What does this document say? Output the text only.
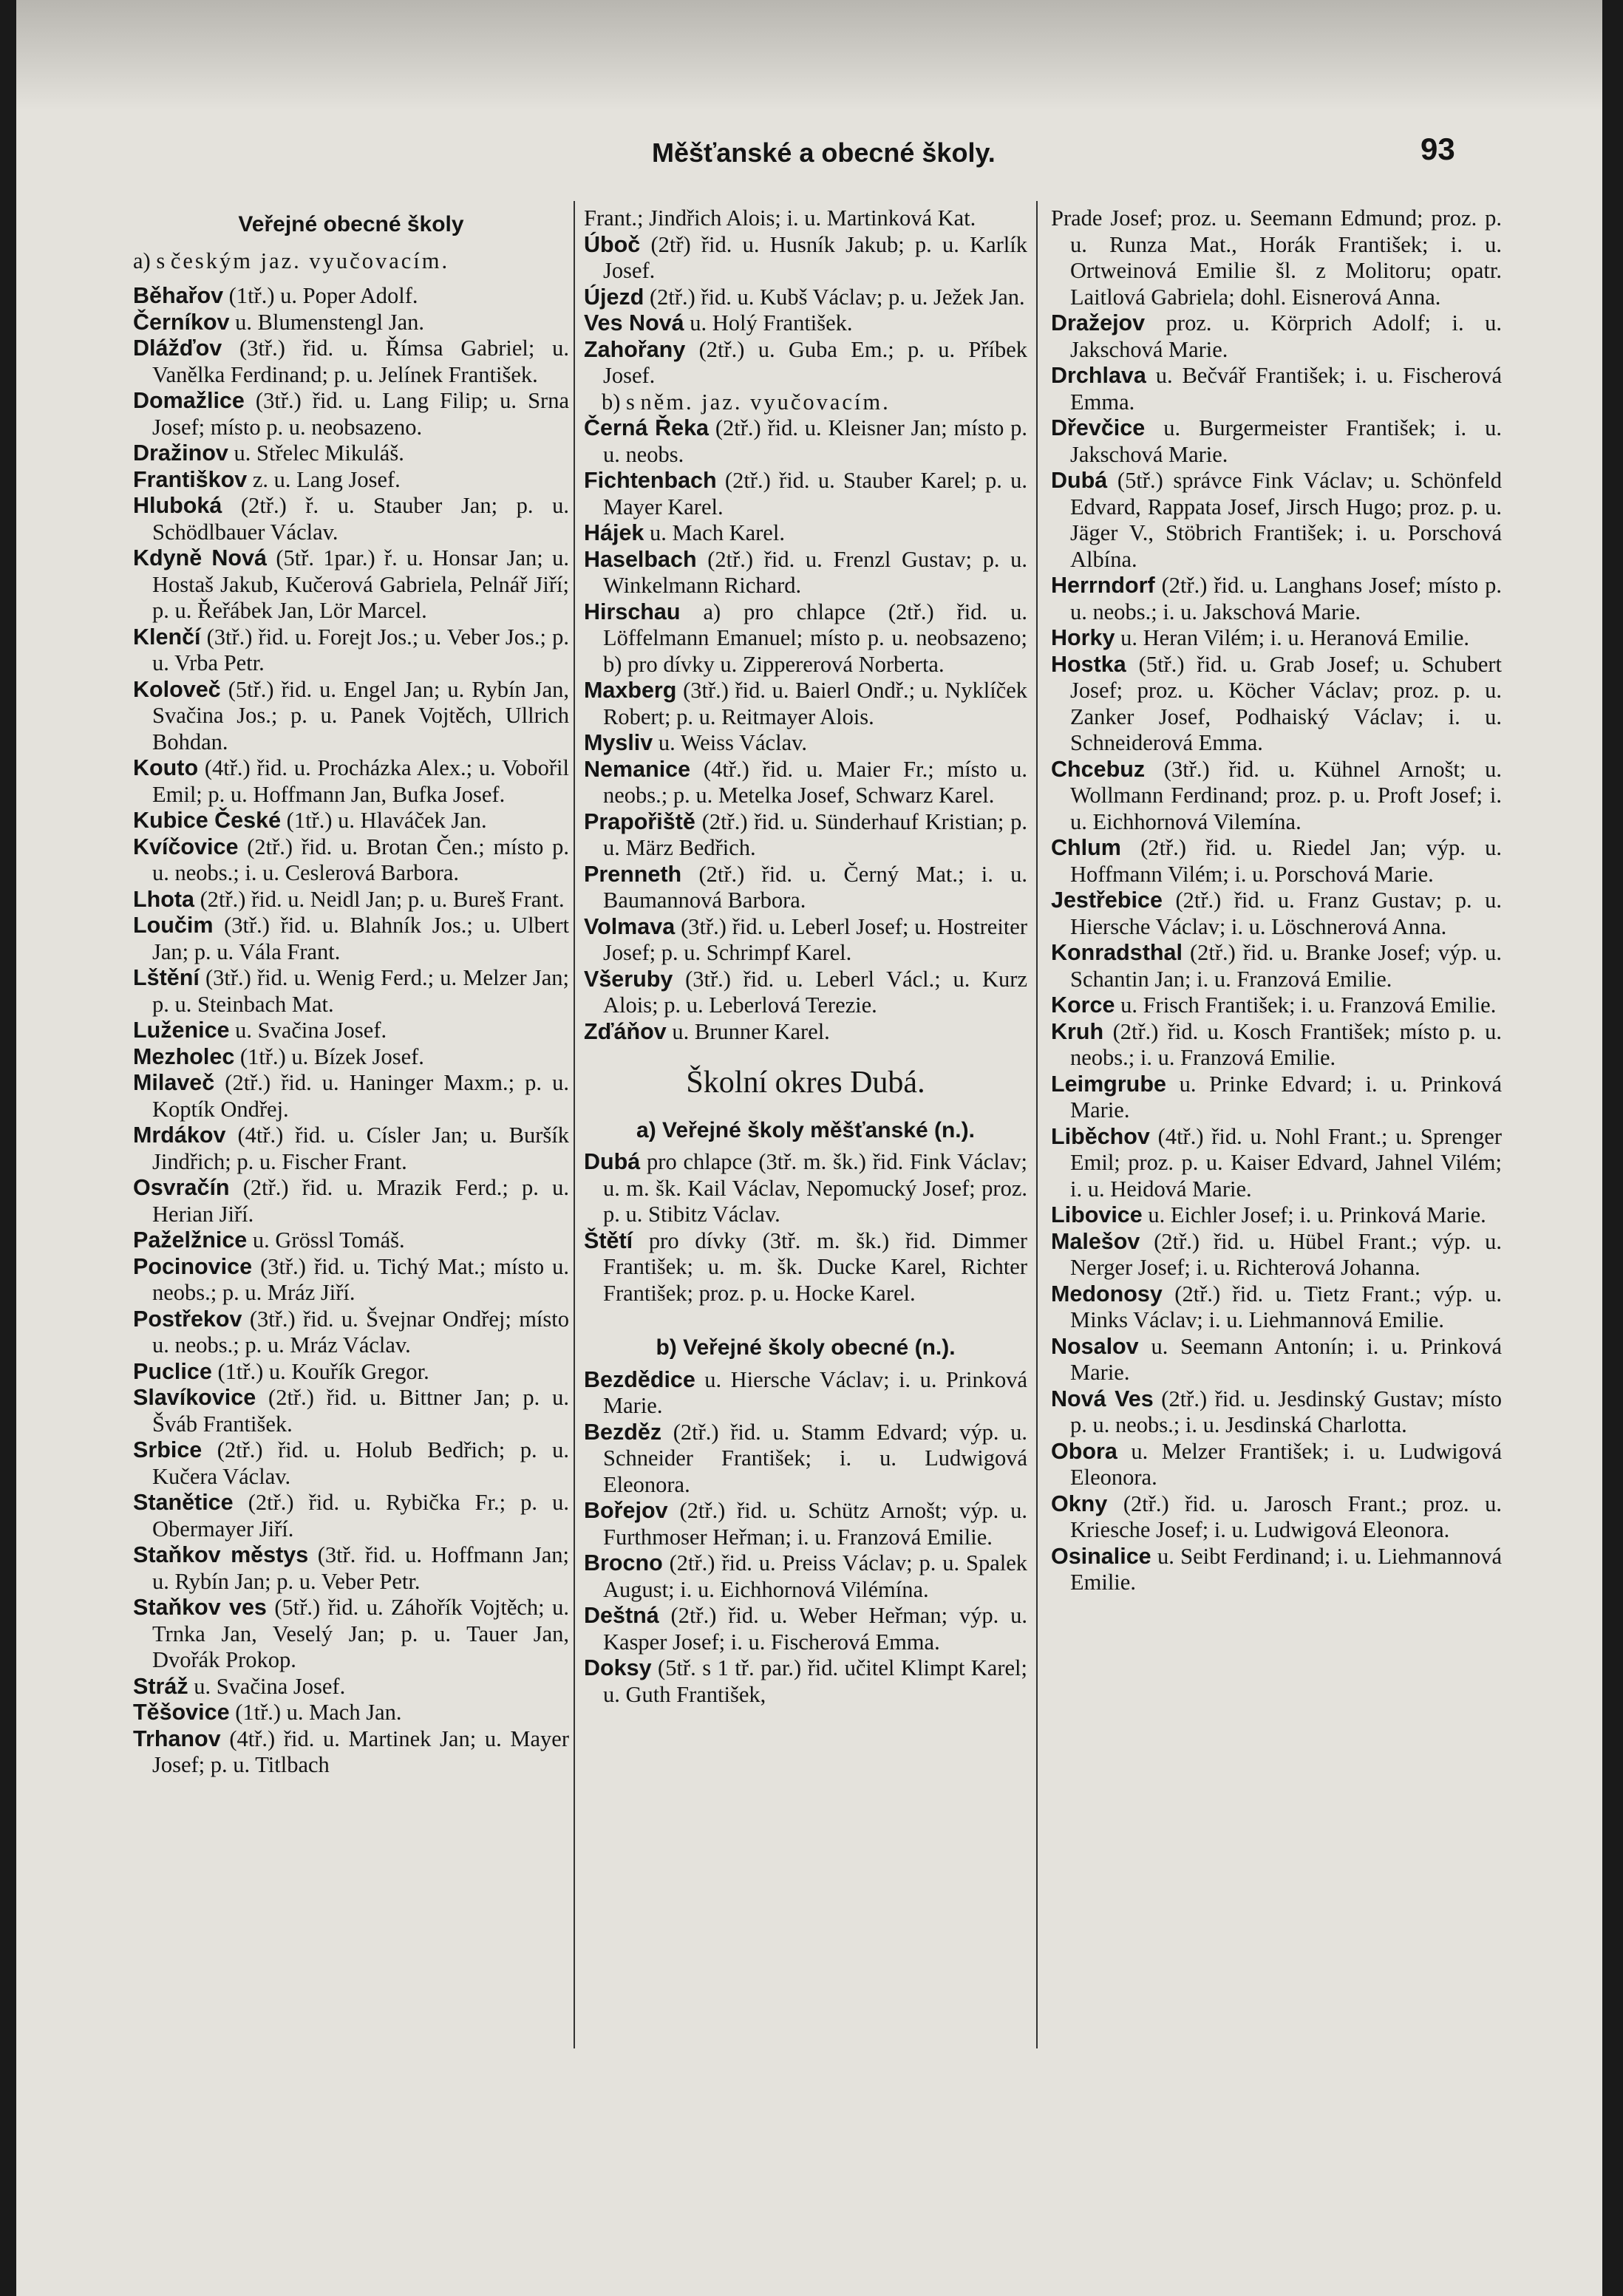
Měšťanské a obecné školy.	93
Veřejné obecné školy
a) s českým jaz. vyučovacím.
Běhařov (1tř.) u. Poper Adolf.
Černíkov u. Blumenstengl Jan.
Dlážďov (3tř.) řid. u. Římsa Gabriel; u. Vanělka Ferdinand; p. u. Jelínek František.
Domažlice (3tř.) řid. u. Lang Filip; u. Srna Josef; místo p. u. neobsazeno.
Dražinov u. Střelec Mikuláš.
Františkov z. u. Lang Josef.
Hluboká (2tř.) ř. u. Stauber Jan; p. u. Schödlbauer Václav.
Kdyně Nová (5tř. 1par.) ř. u. Honsar Jan; u. Hostaš Jakub, Kučerová Gabriela, Pelnář Jiří; p. u. Řeřábek Jan, Lör Marcel.
Klenčí (3tř.) řid. u. Forejt Jos.; u. Veber Jos.; p. u. Vrba Petr.
Koloveč (5tř.) řid. u. Engel Jan; u. Rybín Jan, Svačina Jos.; p. u. Panek Vojtěch, Ullrich Bohdan.
Kouto (4tř.) řid. u. Procházka Alex.; u. Vobořil Emil; p. u. Hoffmann Jan, Bufka Josef.
Kubice České (1tř.) u. Hlaváček Jan.
Kvíčovice (2tř.) řid. u. Brotan Čen.; místo p. u. neobs.; i. u. Ceslerová Barbora.
Lhota (2tř.) řid. u. Neidl Jan; p. u. Bureš Frant.
Loučim (3tř.) řid. u. Blahník Jos.; u. Ulbert Jan; p. u. Vála Frant.
Lštění (3tř.) řid. u. Wenig Ferd.; u. Melzer Jan; p. u. Steinbach Mat.
Luženice u. Svačina Josef.
Mezholec (1tř.) u. Bízek Josef.
Milaveč (2tř.) řid. u. Haninger Maxm.; p. u. Koptík Ondřej.
Mrdákov (4tř.) řid. u. Císler Jan; u. Buršík Jindřich; p. u. Fischer Frant.
Osvračín (2tř.) řid. u. Mrazik Ferd.; p. u. Herian Jiří.
Paželžnice u. Grössl Tomáš.
Pocinovice (3tř.) řid. u. Tichý Mat.; místo u. neobs.; p. u. Mráz Jiří.
Postřekov (3tř.) řid. u. Švejnar Ondřej; místo u. neobs.; p. u. Mráz Václav.
Puclice (1tř.) u. Kouřík Gregor.
Slavíkovice (2tř.) řid. u. Bittner Jan; p. u. Šváb František.
Srbice (2tř.) řid. u. Holub Bedřich; p. u. Kučera Václav.
Stanětice (2tř.) řid. u. Rybička Fr.; p. u. Obermayer Jiří.
Staňkov městys (3tř. řid. u. Hoffmann Jan; u. Rybín Jan; p. u. Veber Petr.
Staňkov ves (5tř.) řid. u. Záhořík Vojtěch; u. Trnka Jan, Veselý Jan; p. u. Tauer Jan, Dvořák Prokop.
Stráž u. Svačina Josef.
Těšovice (1tř.) u. Mach Jan.
Trhanov (4tř.) řid. u. Martinek Jan; u. Mayer Josef; p. u. Titlbach
Frant.; Jindřich Alois; i. u. Martinková Kat.
Úboč (2tř) řid. u. Husník Jakub; p. u. Karlík Josef.
Újezd (2tř.) řid. u. Kubš Václav; p. u. Ježek Jan.
Ves Nová u. Holý František.
Zahořany (2tř.) u. Guba Em.; p. u. Příbek Josef.
b) s něm. jaz. vyučovacím.
Černá Řeka (2tř.) řid. u. Kleisner Jan; místo p. u. neobs.
Fichtenbach (2tř.) řid. u. Stauber Karel; p. u. Mayer Karel.
Hájek u. Mach Karel.
Haselbach (2tř.) řid. u. Frenzl Gustav; p. u. Winkelmann Richard.
Hirschau a) pro chlapce (2tř.) řid. u. Löffelmann Emanuel; místo p. u. neobsazeno; b) pro dívky u. Zippererová Norberta.
Maxberg (3tř.) řid. u. Baierl Ondř.; u. Nyklíček Robert; p. u. Reitmayer Alois.
Mysliv u. Weiss Václav.
Nemanice (4tř.) řid. u. Maier Fr.; místo u. neobs.; p. u. Metelka Josef, Schwarz Karel.
Prapořiště (2tř.) řid. u. Sünderhauf Kristian; p. u. März Bedřich.
Prenneth (2tř.) řid. u. Černý Mat.; i. u. Baumannová Barbora.
Volmava (3tř.) řid. u. Leberl Josef; u. Hostreiter Josef; p. u. Schrimpf Karel.
Všeruby (3tř.) řid. u. Leberl Václ.; u. Kurz Alois; p. u. Leberlová Terezie.
Zďáňov u. Brunner Karel.
Školní okres Dubá.
a) Veřejné školy měšťanské (n.).
Dubá pro chlapce (3tř. m. šk.) řid. Fink Václav; u. m. šk. Kail Václav, Nepomucký Josef; proz. p. u. Stibitz Václav.
Štětí pro dívky (3tř. m. šk.) řid. Dimmer František; u. m. šk. Ducke Karel, Richter František; proz. p. u. Hocke Karel.
b) Veřejné školy obecné (n.).
Bezdědice u. Hiersche Václav; i. u. Prinková Marie.
Bezděz (2tř.) řid. u. Stamm Edvard; výp. u. Schneider František; i. u. Ludwigová Eleonora.
Bořejov (2tř.) řid. u. Schütz Arnošt; výp. u. Furthmoser Heřman; i. u. Franzová Emilie.
Brocno (2tř.) řid. u. Preiss Václav; p. u. Spalek August; i. u. Eichhornová Vilémína.
Deštná (2tř.) řid. u. Weber Heřman; výp. u. Kasper Josef; i. u. Fischerová Emma.
Doksy (5tř. s 1 tř. par.) řid. učitel Klimpt Karel; u. Guth František,
Prade Josef; proz. u. Seemann Edmund; proz. p. u. Runza Mat., Horák František; i. u. Ortweinová Emilie šl. z Molitoru; opatr. Laitlová Gabriela; dohl. Eisnerová Anna.
Dražejov proz. u. Körprich Adolf; i. u. Jakschová Marie.
Drchlava u. Bečvář František; i. u. Fischerová Emma.
Dřevčice u. Burgermeister František; i. u. Jakschová Marie.
Dubá (5tř.) správce Fink Václav; u. Schönfeld Edvard, Rappata Josef, Jirsch Hugo; proz. p. u. Jäger V., Stöbrich František; i. u. Porschová Albína.
Herrndorf (2tř.) řid. u. Langhans Josef; místo p. u. neobs.; i. u. Jakschová Marie.
Horky u. Heran Vilém; i. u. Heranová Emilie.
Hostka (5tř.) řid. u. Grab Josef; u. Schubert Josef; proz. u. Köcher Václav; proz. p. u. Zanker Josef, Podhaiský Václav; i. u. Schneiderová Emma.
Chcebuz (3tř.) řid. u. Kühnel Arnošt; u. Wollmann Ferdinand; proz. p. u. Proft Josef; i. u. Eichhornová Vilemína.
Chlum (2tř.) řid. u. Riedel Jan; výp. u. Hoffmann Vilém; i. u. Porschová Marie.
Jestřebice (2tř.) řid. u. Franz Gustav; p. u. Hiersche Václav; i. u. Löschnerová Anna.
Konradsthal (2tř.) řid. u. Branke Josef; výp. u. Schantin Jan; i. u. Franzová Emilie.
Korce u. Frisch František; i. u. Franzová Emilie.
Kruh (2tř.) řid. u. Kosch František; místo p. u. neobs.; i. u. Franzová Emilie.
Leimgrube u. Prinke Edvard; i. u. Prinková Marie.
Liběchov (4tř.) řid. u. Nohl Frant.; u. Sprenger Emil; proz. p. u. Kaiser Edvard, Jahnel Vilém; i. u. Heidová Marie.
Libovice u. Eichler Josef; i. u. Prinková Marie.
Malešov (2tř.) řid. u. Hübel Frant.; výp. u. Nerger Josef; i. u. Richterová Johanna.
Medonosy (2tř.) řid. u. Tietz Frant.; výp. u. Minks Václav; i. u. Liehmannová Emilie.
Nosalov u. Seemann Antonín; i. u. Prinková Marie.
Nová Ves (2tř.) řid. u. Jesdinský Gustav; místo p. u. neobs.; i. u. Jesdinská Charlotta.
Obora u. Melzer František; i. u. Ludwigová Eleonora.
Okny (2tř.) řid. u. Jarosch Frant.; proz. u. Kriesche Josef; i. u. Ludwigová Eleonora.
Osinalice u. Seibt Ferdinand; i. u. Liehmannová Emilie.
